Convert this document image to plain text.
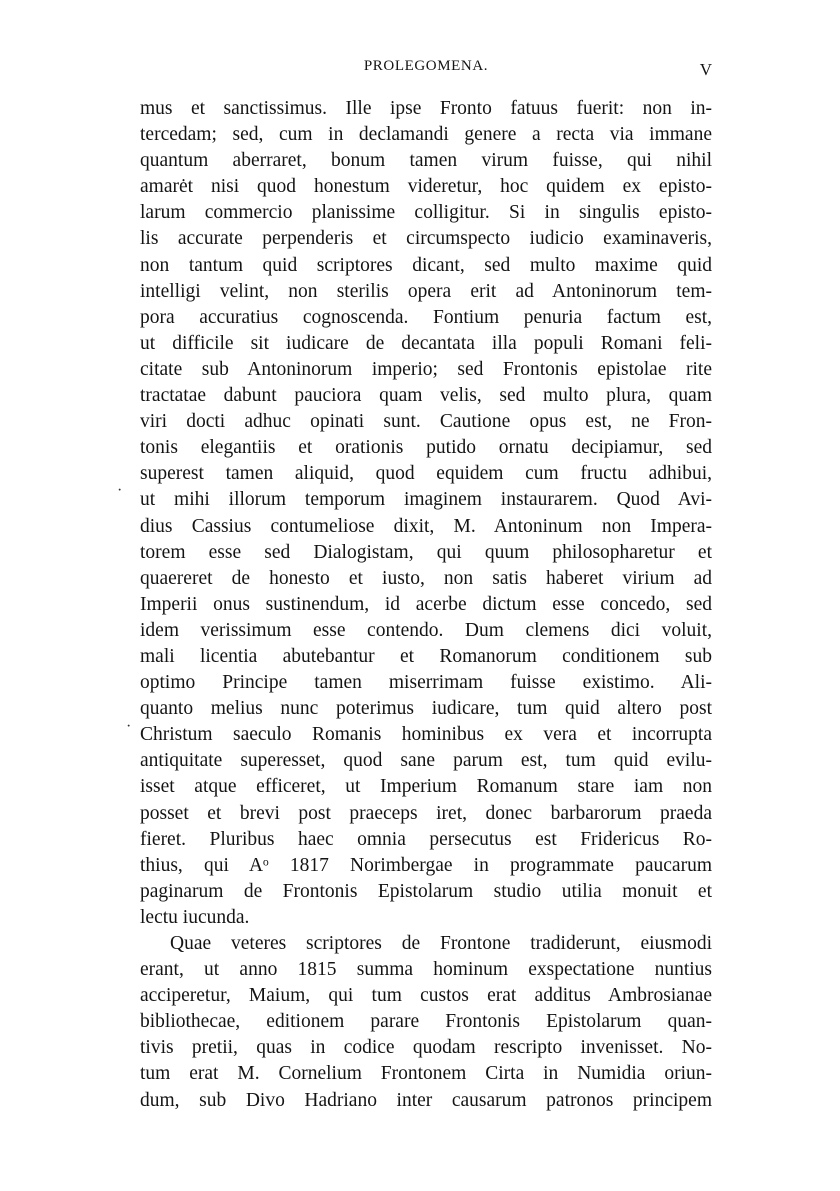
PROLEGOMENA.	V
·
·
mus et sanctissimus. Ille ipse Fronto fatuus fuerit: non in-
tercedam; sed, cum in declamandi genere a recta via immane
quantum aberraret, bonum tamen virum fuisse, qui nihil
amarėt nisi quod honestum videretur, hoc quidem ex episto-
larum commercio planissime colligitur. Si in singulis episto-
lis accurate perpenderis et circumspecto iudicio examinaveris,
non tantum quid scriptores dicant, sed multo maxime quid
intelligi velint, non sterilis opera erit ad Antoninorum tem-
pora accuratius cognoscenda. Fontium penuria factum est,
ut difficile sit iudicare de decantata illa populi Romani feli-
citate sub Antoninorum imperio; sed Frontonis epistolae rite
tractatae dabunt pauciora quam velis, sed multo plura, quam
viri docti adhuc opinati sunt. Cautione opus est, ne Fron-
tonis elegantiis et orationis putido ornatu decipiamur, sed
superest tamen aliquid, quod equidem cum fructu adhibui,
ut mihi illorum temporum imaginem instaurarem. Quod Avi-
dius Cassius contumeliose dixit, M. Antoninum non Impera-
torem esse sed Dialogistam, qui quum philosopharetur et
quaereret de honesto et iusto, non satis haberet virium ad
Imperii onus sustinendum, id acerbe dictum esse concedo, sed
idem verissimum esse contendo. Dum clemens dici voluit,
mali licentia abutebantur et Romanorum conditionem sub
optimo Principe tamen miserrimam fuisse existimo. Ali-
quanto melius nunc poterimus iudicare, tum quid altero post
Christum saeculo Romanis hominibus ex vera et incorrupta
antiquitate superesset, quod sane parum est, tum quid evilu-
isset atque efficeret, ut Imperium Romanum stare iam non
posset et brevi post praeceps iret, donec barbarorum praeda
fieret. Pluribus haec omnia persecutus est Fridericus Ro-
thius, qui Aᵒ 1817 Norimbergae in programmate paucarum
paginarum de Frontonis Epistolarum studio utilia monuit et
lectu iucunda.
Quae veteres scriptores de Frontone tradiderunt, eiusmodi
erant, ut anno 1815 summa hominum exspectatione nuntius
acciperetur, Maium, qui tum custos erat additus Ambrosianae
bibliothecae, editionem parare Frontonis Epistolarum quan-
tivis pretii, quas in codice quodam rescripto invenisset. No-
tum erat M. Cornelium Frontonem Cirta in Numidia oriun-
dum, sub Divo Hadriano inter causarum patronos principem
